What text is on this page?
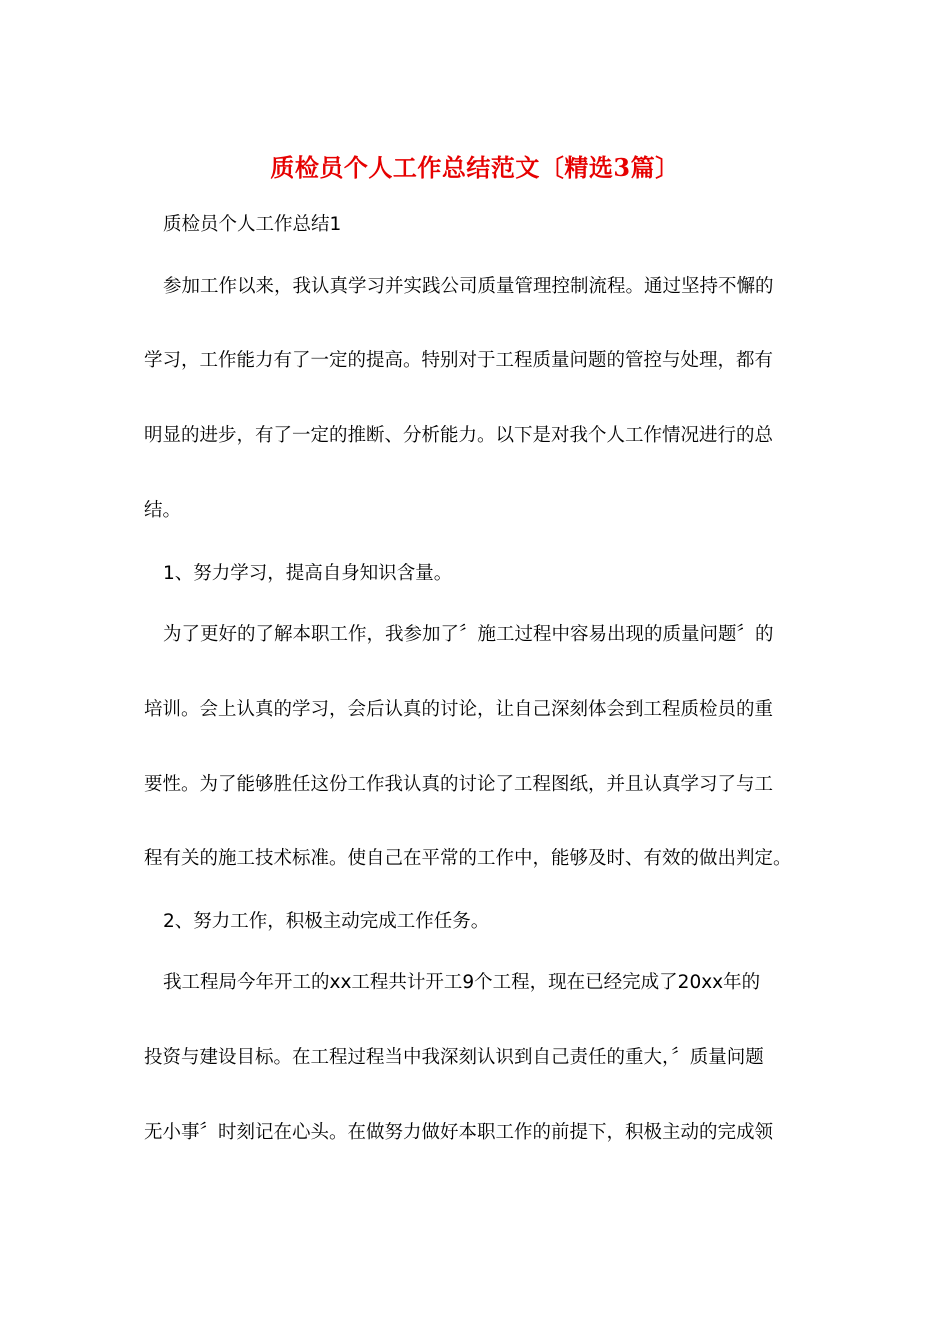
质检员个人工作总结范文〔精选3篇〕
质检员个人工作总结1
参加工作以来，我认真学习并实践公司质量管理控制流程。通过坚持不懈的
学习，工作能力有了一定的提高。特别对于工程质量问题的管控与处理，都有
明显的进步，有了一定的推断、分析能力。以下是对我个人工作情况进行的总
结。
1、努力学习，提高自身知识含量。
为了更好的了解本职工作，我参加了〞施工过程中容易出现的质量问题〞的
培训。会上认真的学习，会后认真的讨论，让自己深刻体会到工程质检员的重
要性。为了能够胜任这份工作我认真的讨论了工程图纸，并且认真学习了与工
程有关的施工技术标准。使自己在平常的工作中，能够及时、有效的做出判定。
2、努力工作，积极主动完成工作任务。
我工程局今年开工的xx工程共计开工9个工程，现在已经完成了20xx年的
投资与建设目标。在工程过程当中我深刻认识到自己责任的重大，〞质量问题
无小事〞时刻记在心头。在做努力做好本职工作的前提下，积极主动的完成领
